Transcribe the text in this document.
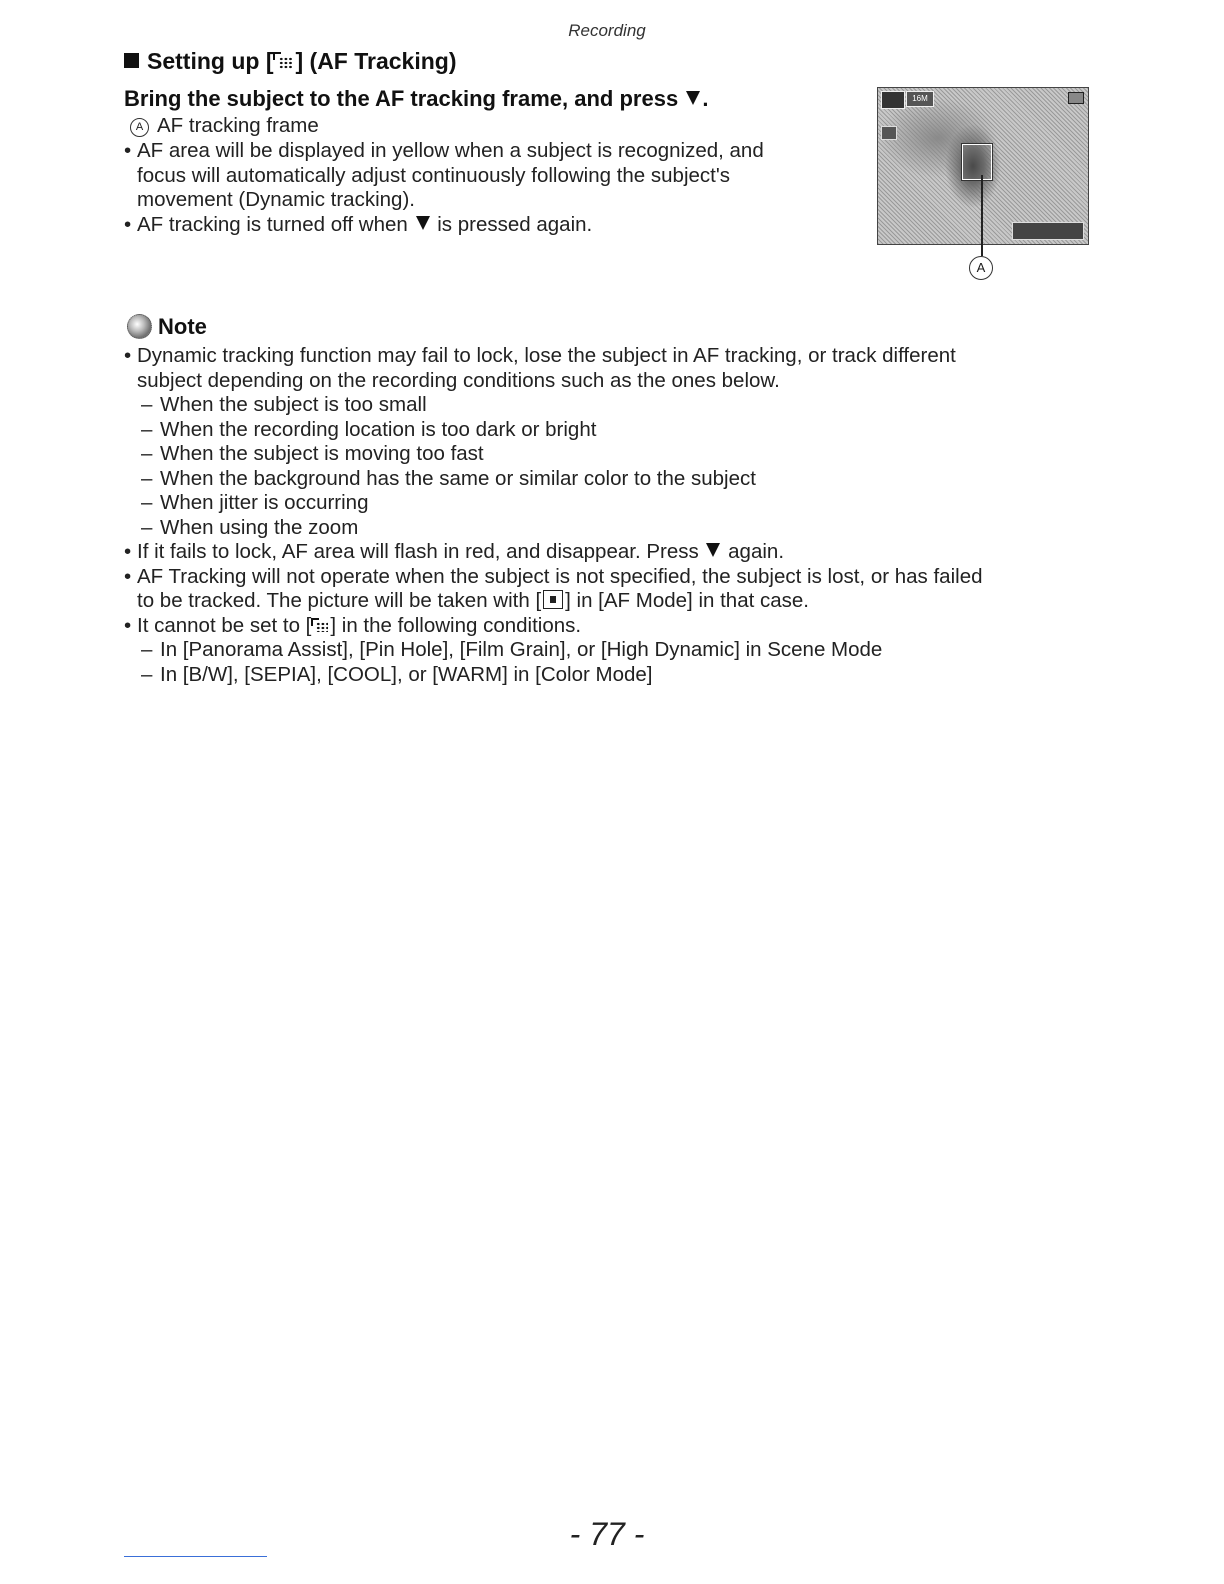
Recording
Setting up [ ] (AF Tracking)
Bring the subject to the AF tracking frame, and press .
A AF tracking frame
• AF area will be displayed in yellow when a subject is recognized, and
focus will automatically adjust continuously following the subject's
movement (Dynamic tracking).
• AF tracking is turned off when is pressed again.
16M
A
Note
• Dynamic tracking function may fail to lock, lose the subject in AF tracking, or track different
subject depending on the recording conditions such as the ones below.
– When the subject is too small
– When the recording location is too dark or bright
– When the subject is moving too fast
– When the background has the same or similar color to the subject
– When jitter is occurring
– When using the zoom
• If it fails to lock, AF area will flash in red, and disappear. Press again.
• AF Tracking will not operate when the subject is not specified, the subject is lost, or has failed
to be tracked. The picture will be taken with [ ] in [AF Mode] in that case.
• It cannot be set to [ ] in the following conditions.
– In [Panorama Assist], [Pin Hole], [Film Grain], or [High Dynamic] in Scene Mode
– In [B/W], [SEPIA], [COOL], or [WARM] in [Color Mode]
- 77 -
